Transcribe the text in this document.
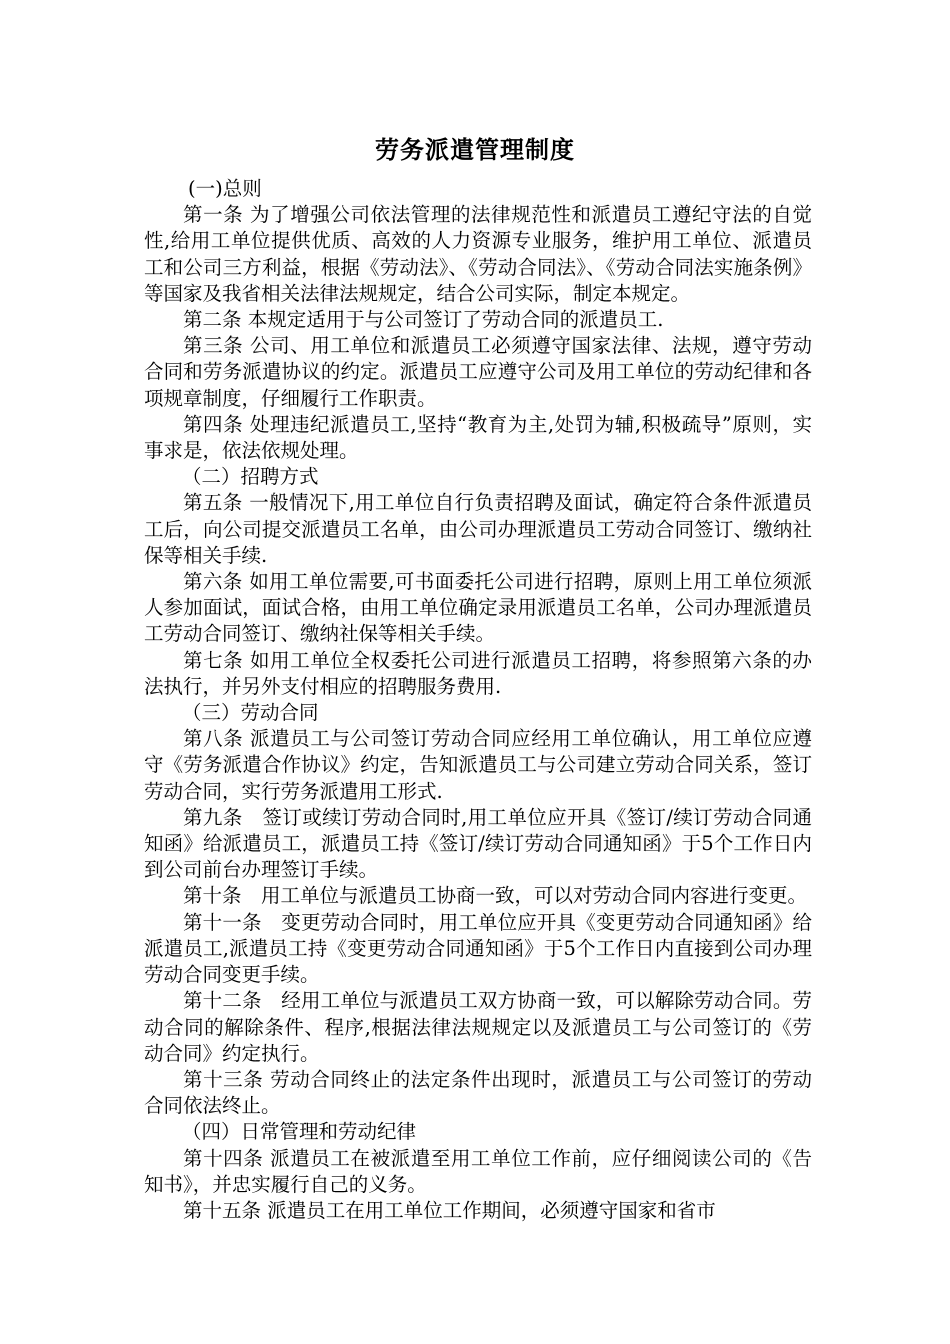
劳务派遣管理制度

(一)总则

第一条 为了增强公司依法管理的法律规范性和派遣员工遵纪守法的自觉性,给用工单位提供优质、高效的人力资源专业服务，维护用工单位、派遣员工和公司三方利益，根据《劳动法》、《劳动合同法》、《劳动合同法实施条例》等国家及我省相关法律法规规定，结合公司实际，制定本规定。

第二条 本规定适用于与公司签订了劳动合同的派遣员工.

第三条 公司、用工单位和派遣员工必须遵守国家法律、法规，遵守劳动合同和劳务派遣协议的约定。派遣员工应遵守公司及用工单位的劳动纪律和各项规章制度，仔细履行工作职责。

第四条 处理违纪派遣员工,坚持“教育为主,处罚为辅,积极疏导”原则，实事求是，依法依规处理。

（二）招聘方式

第五条 一般情况下,用工单位自行负责招聘及面试，确定符合条件派遣员工后，向公司提交派遣员工名单，由公司办理派遣员工劳动合同签订、缴纳社保等相关手续.

第六条 如用工单位需要,可书面委托公司进行招聘，原则上用工单位须派人参加面试，面试合格，由用工单位确定录用派遣员工名单，公司办理派遣员工劳动合同签订、缴纳社保等相关手续。

第七条 如用工单位全权委托公司进行派遣员工招聘，将参照第六条的办法执行，并另外支付相应的招聘服务费用.

（三）劳动合同

第八条 派遣员工与公司签订劳动合同应经用工单位确认，用工单位应遵守《劳务派遣合作协议》约定，告知派遣员工与公司建立劳动合同关系，签订劳动合同，实行劳务派遣用工形式.

第九条　签订或续订劳动合同时,用工单位应开具《签订/续订劳动合同通知函》给派遣员工，派遣员工持《签订/续订劳动合同通知函》于5个工作日内到公司前台办理签订手续。

第十条　用工单位与派遣员工协商一致，可以对劳动合同内容进行变更。

第十一条　变更劳动合同时，用工单位应开具《变更劳动合同通知函》给派遣员工,派遣员工持《变更劳动合同通知函》于5个工作日内直接到公司办理劳动合同变更手续。

第十二条　经用工单位与派遣员工双方协商一致，可以解除劳动合同。劳动合同的解除条件、程序,根据法律法规规定以及派遣员工与公司签订的《劳动合同》约定执行。

第十三条 劳动合同终止的法定条件出现时，派遣员工与公司签订的劳动合同依法终止。

（四）日常管理和劳动纪律

第十四条 派遣员工在被派遣至用工单位工作前，应仔细阅读公司的《告知书》，并忠实履行自己的义务。

第十五条 派遣员工在用工单位工作期间，必须遵守国家和省市
